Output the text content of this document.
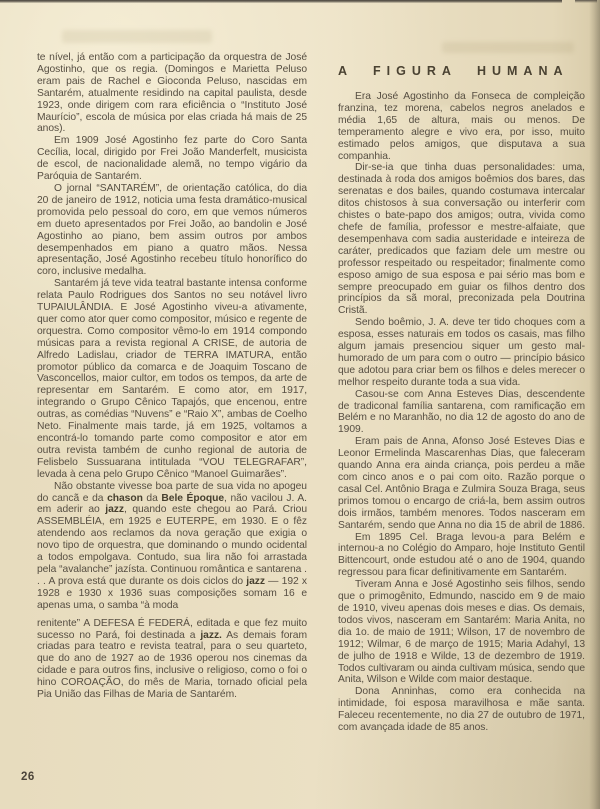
te nível, já então com a participação da orquestra de José Agostinho, que os regia. (Domingos e Marietta Peluso eram pais de Rachel e Gioconda Peluso, nascidas em Santarém, atualmente residindo na capital paulista, desde 1923, onde dirigem com rara eficiência o “Instituto José Maurício”, escola de música por elas criada há mais de 25 anos).

Em 1909 José Agostinho fez parte do Coro Santa Cecília, local, dirigido por Frei João Manderfelt, musicista de escol, de nacionalidade alemã, no tempo vigário da Paróquia de Santarém.

O jornal “SANTARÉM”, de orientação católica, do dia 20 de janeiro de 1912, noticia uma festa dramático-musical promovida pelo pessoal do coro, em que vemos números em dueto apresentados por Frei João, ao bandolin e José Agostinho ao piano, bem assim outros por ambos desempenhados em piano a quatro mãos. Nessa apresentação, José Agostinho recebeu título honorífico do coro, inclusive medalha.

Santarém já teve vida teatral bastante intensa conforme relata Paulo Rodrigues dos Santos no seu notável livro TUPAIULÂNDIA. E José Agostinho viveu-a ativamente, quer como ator quer como compositor, músico e regente de orquestra. Como compositor vêmo-lo em 1914 compondo músicas para a revista regional A CRISE, de autoria de Alfredo Ladislau, criador de TERRA IMATURA, então promotor público da comarca e de Joaquim Toscano de Vasconcellos, maior cultor, em todos os tempos, da arte de representar em Santarém. E como ator, em 1917, integrando o Grupo Cênico Tapajós, que encenou, entre outras, as comédias “Nuvens” e “Raio X”, ambas de Coelho Neto. Finalmente mais tarde, já em 1925, voltamos a encontrá-lo tomando parte como compositor e ator em outra revista também de cunho regional de autoria de Felisbelo Sussuarana intitulada “VOU TELEGRAFAR”, levada à cena pelo Grupo Cênico “Manoel Guimarães”.

Não obstante vivesse boa parte de sua vida no apogeu do cancã e da chason da Bele Époque, não vacilou J. A. em aderir ao jazz, quando este chegou ao Pará. Criou ASSEMBLÉIA, em 1925 e EUTERPE, em 1930. E o fêz atendendo aos reclamos da nova geração que exigia o novo tipo de orquestra, que dominando o mundo ocidental a todos empolgava. Contudo, sua lira não foi arrastada pela “avalanche” jazísta. Continuou romântica e santarena . . . A prova está que durante os dois ciclos do jazz — 192 x 1928 e 1930 x 1936 suas composições somam 16 e apenas uma, o samba “à moda

renitente” A DEFESA É FEDERÁ, editada e que fez muito sucesso no Pará, foi destinada a jazz. As demais foram criadas para teatro e revista teatral, para o seu quarteto, que do ano de 1927 ao de 1936 operou nos cinemas da cidade e para outros fins, inclusive o religioso, como o foi o hino COROAÇÃO, do mês de Maria, tornado oficial pela Pia União das Filhas de Maria de Santarém.

A FIGURA HUMANA

Era José Agostinho da Fonseca de compleição franzina, tez morena, cabelos negros anelados e média 1,65 de altura, mais ou menos. De temperamento alegre e vivo era, por isso, muito estimado pelos amigos, que disputava a sua companhia.

Dir-se-ia que tinha duas personalidades: uma, destinada à roda dos amigos boêmios dos bares, das serenatas e dos bailes, quando costumava intercalar ditos chistosos à sua conversação ou interferir com chistes o bate-papo dos amigos; outra, vivida como chefe de família, professor e mestre-alfaiate, que desempenhava com sadia austeridade e inteireza de caráter, predicados que faziam dele um mestre ou professor respeitado ou respeitador; finalmente como esposo amigo de sua esposa e pai sério mas bom e sempre preocupado em guiar os filhos dentro dos princípios da sã moral, preconizada pela Doutrina Cristã.

Sendo boêmio, J. A. deve ter tido choques com a esposa, esses naturais em todos os casais, mas filho algum jamais presenciou siquer um gesto mal-humorado de um para com o outro — princípio básico que adotou para criar bem os filhos e deles merecer o melhor respeito durante toda a sua vida.

Casou-se com Anna Esteves Dias, descendente de tradiconal família santarena, com ramificação em Belém e no Maranhão, no dia 12 de agosto do ano de 1909.

Eram pais de Anna, Afonso José Esteves Dias e Leonor Ermelinda Mascarenhas Dias, que faleceram quando Anna era ainda criança, pois perdeu a mãe com cinco anos e o pai com oito. Razão porque o casal Cel. Antônio Braga e Zulmira Souza Braga, seus primos tomou o encargo de criá-la, bem assim outros dois irmãos, também menores. Todos nasceram em Santarém, sendo que Anna no dia 15 de abril de 1886.

Em 1895 Cel. Braga levou-a para Belém e internou-a no Colégio do Amparo, hoje Instituto Gentil Bittencourt, onde estudou até o ano de 1904, quando regressou para ficar definitivamente em Santarém.

Tiveram Anna e José Agostinho seis filhos, sendo que o primogênito, Edmundo, nascido em 9 de maio de 1910, viveu apenas dois meses e dias. Os demais, todos vivos, nasceram em Santarém: Maria Anita, no dia 1o. de maio de 1911; Wilson, 17 de novembro de 1912; Wilmar, 6 de março de 1915; Maria Adahyl, 13 de julho de 1918 e Wilde, 13 de dezembro de 1919. Todos cultivaram ou ainda cultivam música, sendo que Anita, Wilson e Wilde com maior destaque.

Dona Anninhas, como era conhecida na intimidade, foi esposa maravilhosa e mãe santa. Faleceu recentemente, no dia 27 de outubro de 1971, com avançada idade de 85 anos.

26
